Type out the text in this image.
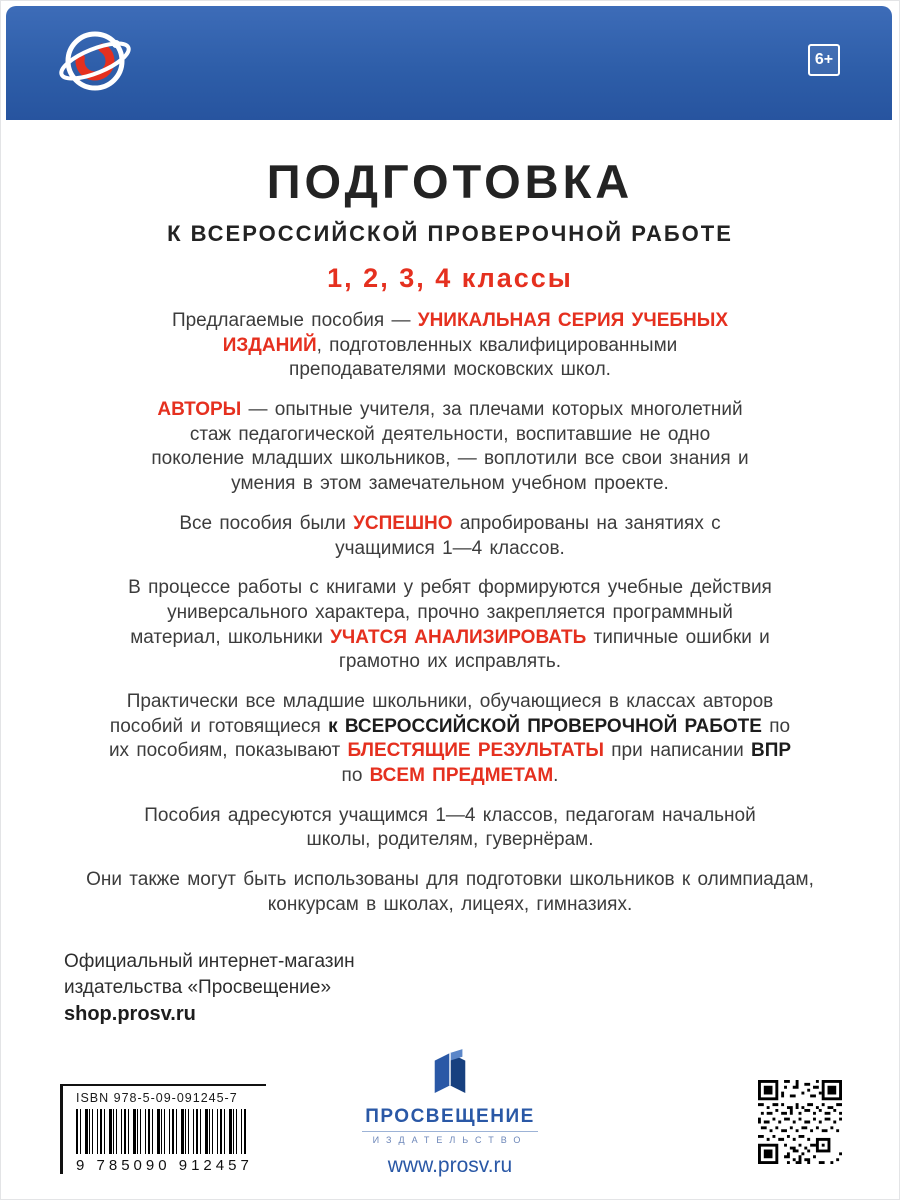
6+
ПОДГОТОВКА
К ВСЕРОССИЙСКОЙ ПРОВЕРОЧНОЙ РАБОТЕ
1, 2, 3, 4 классы

Предлагаемые пособия — УНИКАЛЬНАЯ СЕРИЯ УЧЕБНЫХ ИЗДАНИЙ, подготовленных квалифицированными преподавателями московских школ.

АВТОРЫ — опытные учителя, за плечами которых многолетний стаж педагогической деятельности, воспитавшие не одно поколение младших школьников, — воплотили все свои знания и умения в этом замечательном учебном проекте.

Все пособия были УСПЕШНО апробированы на занятиях с учащимися 1—4 классов.

В процессе работы с книгами у ребят формируются учебные действия универсального характера, прочно закрепляется программный материал, школьники УЧАТСЯ АНАЛИЗИРОВАТЬ типичные ошибки и грамотно их исправлять.

Практически все младшие школьники, обучающиеся в классах авторов пособий и готовящиеся к ВСЕРОССИЙСКОЙ ПРОВЕРОЧНОЙ РАБОТЕ по их пособиям, показывают БЛЕСТЯЩИЕ РЕЗУЛЬТАТЫ при написании ВПР по ВСЕМ ПРЕДМЕТАМ.

Пособия адресуются учащимся 1—4 классов, педагогам начальной школы, родителям, гувернёрам.

Они также могут быть использованы для подготовки школьников к олимпиадам, конкурсам в школах, лицеях, гимназиях.

Официальный интернет-магазин
издательства «Просвещение»
shop.prosv.ru
ISBN 978-5-09-091245-7
9 785090 912457
ПРОСВЕЩЕНИЕ
ИЗДАТЕЛЬСТВО
www.prosv.ru
